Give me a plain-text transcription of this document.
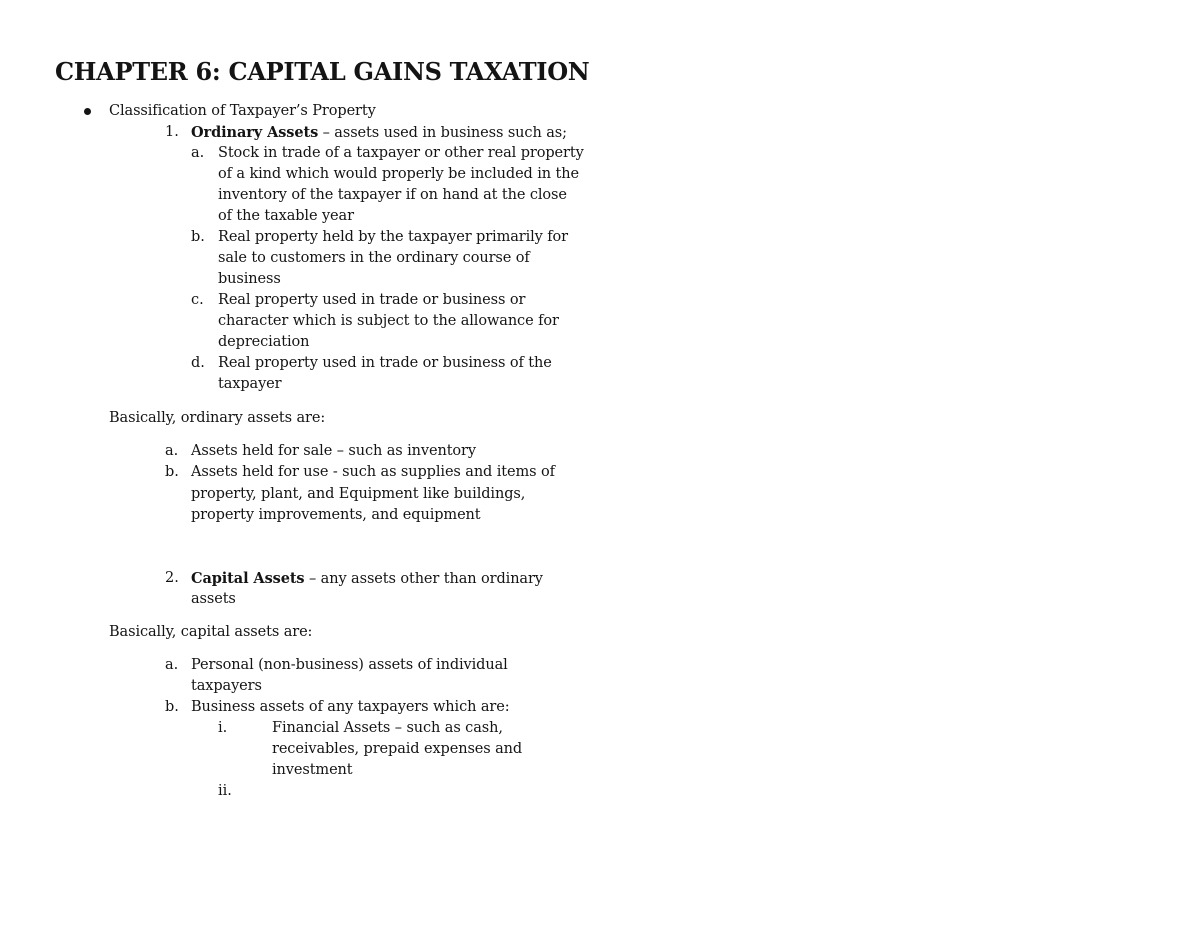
CHAPTER 6: CAPITAL GAINS TAXATION
Classification of Taxpayer’s Property
1. Ordinary Assets – assets used in business such as;
a. Stock in trade of a taxpayer or other real property
of a kind which would properly be included in the
inventory of the taxpayer if on hand at the close
of the taxable year
b. Real property held by the taxpayer primarily for
sale to customers in the ordinary course of
business
c. Real property used in trade or business or
character which is subject to the allowance for
depreciation
d. Real property used in trade or business of the
taxpayer
Basically, ordinary assets are:
a. Assets held for sale – such as inventory
b. Assets held for use - such as supplies and items of
property, plant, and Equipment like buildings,
property improvements, and equipment
2. Capital Assets – any assets other than ordinary
assets
Basically, capital assets are:
a. Personal (non-business) assets of individual
taxpayers
b. Business assets of any taxpayers which are:
i.	Financial Assets – such as cash,
receivables, prepaid expenses and
investment
ii.
